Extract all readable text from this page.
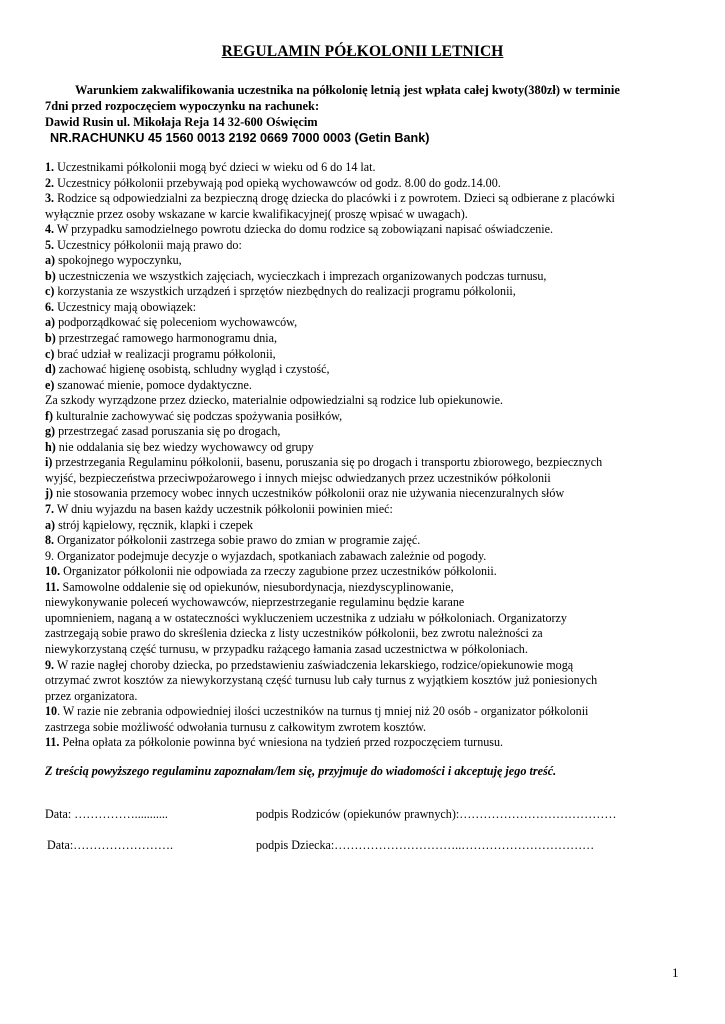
REGULAMIN PÓŁKOLONII LETNICH
Warunkiem zakwalifikowania uczestnika na półkolonię letnią jest wpłata całej kwoty(380zł) w terminie
7dni przed rozpoczęciem wypoczynku na rachunek:
Dawid Rusin ul. Mikołaja Reja 14 32-600 Oświęcim
NR.RACHUNKU 45 1560 0013 2192 0669 7000 0003 (Getin Bank)
1. Uczestnikami półkolonii mogą być dzieci w wieku od 6 do 14 lat.
2. Uczestnicy półkolonii przebywają pod opieką wychowawców od godz. 8.00 do godz.14.00.
3. Rodzice są odpowiedzialni za bezpieczną drogę dziecka do placówki i z powrotem. Dzieci są odbierane z placówki
wyłącznie przez osoby wskazane w karcie kwalifikacyjnej( proszę wpisać w uwagach).
4. W przypadku samodzielnego powrotu dziecka do domu rodzice są zobowiązani napisać oświadczenie.
5. Uczestnicy półkolonii mają prawo do:
a) spokojnego wypoczynku,
b) uczestniczenia we wszystkich zajęciach, wycieczkach i imprezach organizowanych podczas turnusu,
c) korzystania ze wszystkich urządzeń i sprzętów niezbędnych do realizacji programu półkolonii,
6. Uczestnicy mają obowiązek:
a) podporządkować się poleceniom wychowawców,
b) przestrzegać ramowego harmonogramu dnia,
c) brać udział w realizacji programu półkolonii,
d) zachować higienę osobistą, schludny wygląd i czystość,
e) szanować mienie, pomoce dydaktyczne.
Za szkody wyrządzone przez dziecko, materialnie odpowiedzialni są rodzice lub opiekunowie.
f) kulturalnie zachowywać się podczas spożywania posiłków,
g) przestrzegać zasad poruszania się po drogach,
h) nie oddalania się bez wiedzy wychowawcy od grupy
i) przestrzegania Regulaminu półkolonii, basenu, poruszania się po drogach i transportu zbiorowego, bezpiecznych
wyjść, bezpieczeństwa przeciwpożarowego i innych miejsc odwiedzanych przez uczestników półkolonii
j) nie stosowania przemocy wobec innych uczestników półkolonii oraz nie używania niecenzuralnych słów
7. W dniu wyjazdu na basen każdy uczestnik półkolonii powinien mieć:
a) strój kąpielowy, ręcznik, klapki i czepek
8. Organizator półkolonii zastrzega sobie prawo do zmian w programie zajęć.
9. Organizator podejmuje decyzje o wyjazdach, spotkaniach zabawach zależnie od pogody.
10. Organizator półkolonii nie odpowiada za rzeczy zagubione przez uczestników półkolonii.
11. Samowolne oddalenie się od opiekunów, niesubordynacja, niezdyscyplinowanie,
niewykonywanie poleceń wychowawców, nieprzestrzeganie regulaminu będzie karane
upomnieniem, naganą a w ostateczności wykluczeniem uczestnika z udziału w półkoloniach. Organizatorzy
zastrzegają sobie prawo do skreślenia dziecka z listy uczestników półkolonii, bez zwrotu należności za
niewykorzystaną część turnusu, w przypadku rażącego łamania zasad uczestnictwa w półkoloniach.
9. W razie nagłej choroby dziecka, po przedstawieniu zaświadczenia lekarskiego, rodzice/opiekunowie mogą
otrzymać zwrot kosztów za niewykorzystaną część turnusu lub cały turnus z wyjątkiem kosztów już poniesionych
przez organizatora.
10. W razie nie zebrania odpowiedniej ilości uczestników na turnus tj mniej niż 20 osób - organizator półkolonii
zastrzega sobie możliwość odwołania turnusu z całkowitym zwrotem kosztów.
11. Pełna opłata za półkolonie powinna być wniesiona na tydzień przed rozpoczęciem turnusu.
Z treścią powyższego regulaminu zapoznałam/lem się, przyjmuje do wiadomości i akceptuję jego treść.
Data: ……………...........	podpis Rodziców (opiekunów prawnych):…………………………………
Data:…………………….	podpis Dziecka:…………………………..……………………………
1
